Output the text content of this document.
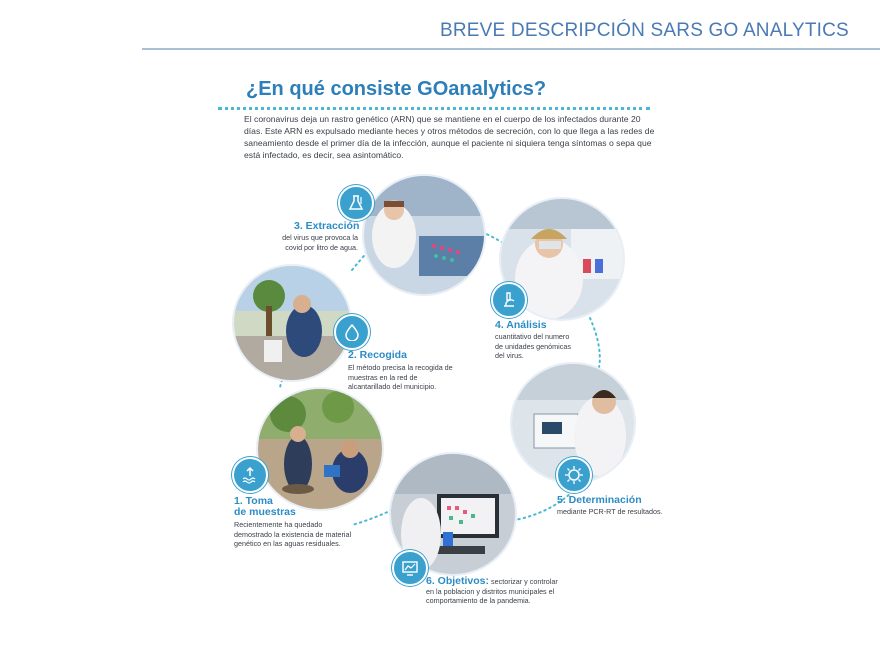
BREVE DESCRIPCIÓN SARS GO ANALYTICS
¿En qué consiste GOanalytics?
El coronavirus deja un rastro genético (ARN) que se mantiene en el cuerpo de los infectados durante 20 días. Este ARN es expulsado mediante heces y otros métodos de secreción, con lo que llega a las redes de saneamiento desde el primer día de la infección, aunque el paciente ni siquiera tenga síntomas o sepa que está infectado, es decir, sea asintomático.
3. Extracción
del virus que provoca la covid por litro de agua.
2. Recogida
El método precisa la recogida de muestras en la red de alcantarillado del municipio.
4. Análisis
cuantitativo del numero de unidades genómicas del virus.
5. Determinación
mediante PCR-RT de resultados.
1. Toma
de muestras
Recientemente ha quedado demostrado la existencia de material genético en las aguas residuales.
6. Objetivos: sectorizar y controlar en la poblacion y distritos municipales el comportamiento de la pandemia.
